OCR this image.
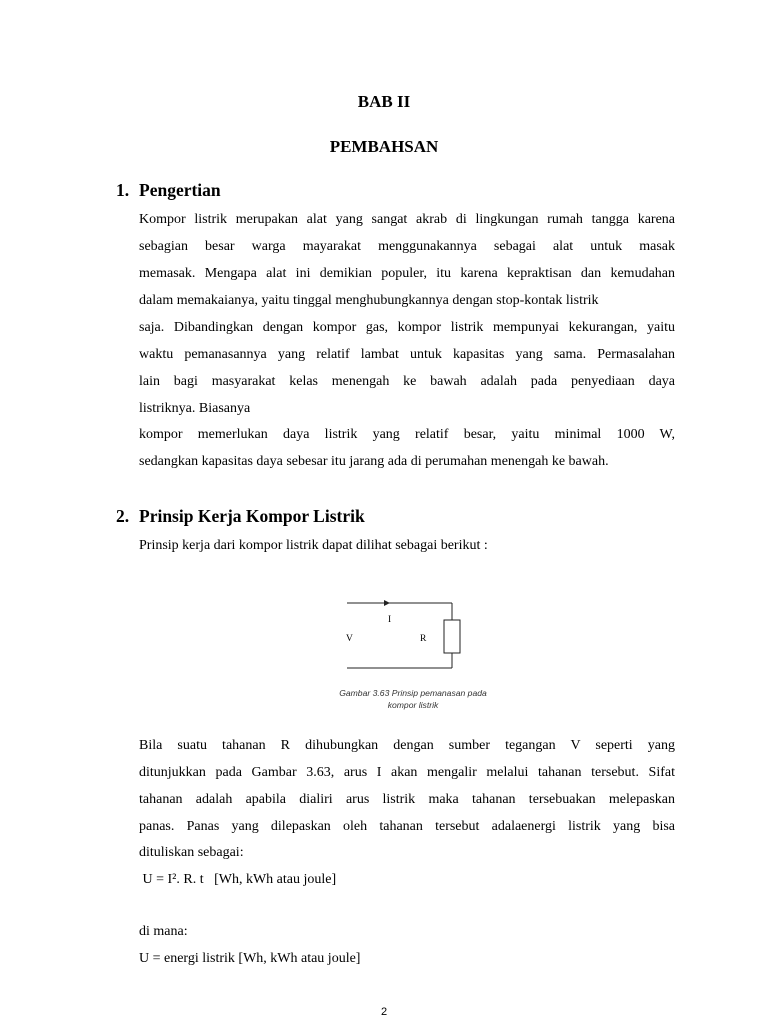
BAB II
PEMBAHSAN
1. Pengertian
Kompor listrik merupakan alat yang sangat akrab di lingkungan rumah tangga karena
sebagian besar warga mayarakat menggunakannya sebagai alat untuk masak
memasak. Mengapa alat ini demikian populer, itu karena kepraktisan dan kemudahan
dalam memakaianya, yaitu tinggal menghubungkannya dengan stop-kontak listrik
saja. Dibandingkan dengan kompor gas, kompor listrik mempunyai kekurangan, yaitu
waktu pemanasannya yang relatif lambat untuk kapasitas yang sama. Permasalahan
lain bagi masyarakat kelas menengah ke bawah adalah pada penyediaan daya
listriknya. Biasanya
kompor memerlukan daya listrik yang relatif besar, yaitu minimal 1000 W,
sedangkan kapasitas daya sebesar itu jarang ada di perumahan menengah ke bawah.
2. Prinsip Kerja Kompor Listrik
Prinsip kerja dari kompor listrik dapat dilihat sebagai berikut :
I
V	R
Gambar 3.63 Prinsip pemanasan pada
kompor listrik
Bila suatu tahanan R dihubungkan dengan sumber tegangan V seperti yang
ditunjukkan pada Gambar 3.63, arus I akan mengalir melalui tahanan tersebut. Sifat
tahanan adalah apabila dialiri arus listrik maka tahanan tersebuakan melepaskan
panas. Panas yang dilepaskan oleh tahanan tersebut adalaenergi listrik yang bisa
dituliskan sebagai:
U = I². R. t   [Wh, kWh atau joule]
di mana:
U = energi listrik [Wh, kWh atau joule]
2
